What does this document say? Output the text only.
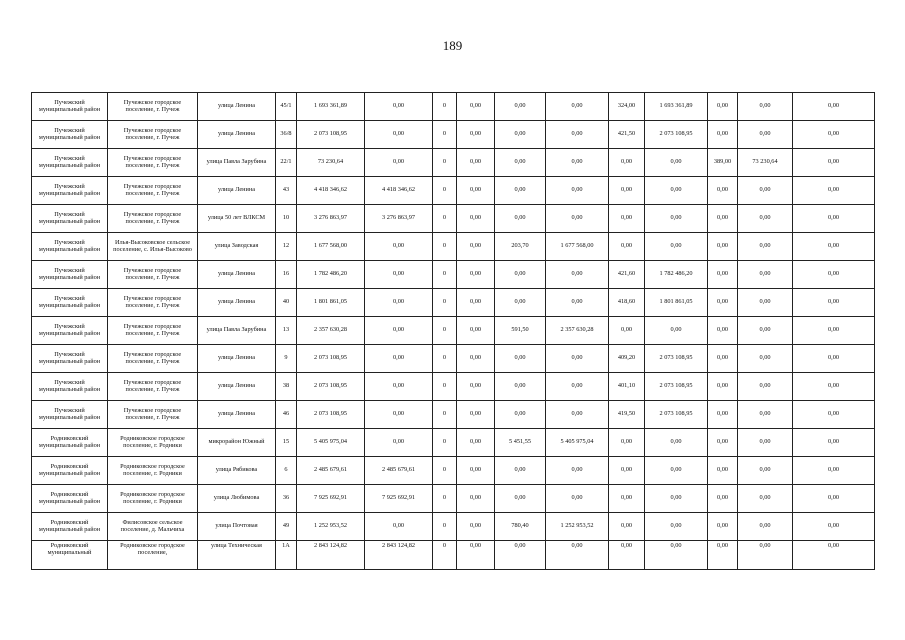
189
Пучежский муниципальный район	Пучежское городское поселение, г. Пучеж	улица Ленина	45/1	1 693 361,89	0,00	0	0,00	0,00	0,00	324,00	1 693 361,89	0,00	0,00	0,00
Пучежский муниципальный район	Пучежское городское поселение, г. Пучеж	улица Ленина	36/8	2 073 108,95	0,00	0	0,00	0,00	0,00	421,50	2 073 108,95	0,00	0,00	0,00
Пучежский муниципальный район	Пучежское городское поселение, г. Пучеж	улица Павла Зарубина	22/1	73 230,64	0,00	0	0,00	0,00	0,00	0,00	0,00	389,00	73 230,64	0,00
Пучежский муниципальный район	Пучежское городское поселение, г. Пучеж	улица Ленина	43	4 418 346,62	4 418 346,62	0	0,00	0,00	0,00	0,00	0,00	0,00	0,00	0,00
Пучежский муниципальный район	Пучежское городское поселение, г. Пучеж	улица 50 лет ВЛКСМ	10	3 276 863,97	3 276 863,97	0	0,00	0,00	0,00	0,00	0,00	0,00	0,00	0,00
Пучежский муниципальный район	Илья-Высоковское сельское поселение, с. Илья-Высоково	улица Заводская	12	1 677 568,00	0,00	0	0,00	203,70	1 677 568,00	0,00	0,00	0,00	0,00	0,00
Пучежский муниципальный район	Пучежское городское поселение, г. Пучеж	улица Ленина	16	1 782 486,20	0,00	0	0,00	0,00	0,00	421,60	1 782 486,20	0,00	0,00	0,00
Пучежский муниципальный район	Пучежское городское поселение, г. Пучеж	улица Ленина	40	1 801 861,05	0,00	0	0,00	0,00	0,00	418,60	1 801 861,05	0,00	0,00	0,00
Пучежский муниципальный район	Пучежское городское поселение, г. Пучеж	улица Павла Зарубина	13	2 357 630,28	0,00	0	0,00	591,50	2 357 630,28	0,00	0,00	0,00	0,00	0,00
Пучежский муниципальный район	Пучежское городское поселение, г. Пучеж	улица Ленина	9	2 073 108,95	0,00	0	0,00	0,00	0,00	409,20	2 073 108,95	0,00	0,00	0,00
Пучежский муниципальный район	Пучежское городское поселение, г. Пучеж	улица Ленина	38	2 073 108,95	0,00	0	0,00	0,00	0,00	401,10	2 073 108,95	0,00	0,00	0,00
Пучежский муниципальный район	Пучежское городское поселение, г. Пучеж	улица Ленина	46	2 073 108,95	0,00	0	0,00	0,00	0,00	419,50	2 073 108,95	0,00	0,00	0,00
Родниковский муниципальный район	Родниковское городское поселение, г. Родники	микрорайон Южный	15	5 405 975,04	0,00	0	0,00	5 451,55	5 405 975,04	0,00	0,00	0,00	0,00	0,00
Родниковский муниципальный район	Родниковское городское поселение, г. Родники	улица Рябикова	6	2 485 679,61	2 485 679,61	0	0,00	0,00	0,00	0,00	0,00	0,00	0,00	0,00
Родниковский муниципальный район	Родниковское городское поселение, г. Родники	улица Любимова	36	7 925 692,91	7 925 692,91	0	0,00	0,00	0,00	0,00	0,00	0,00	0,00	0,00
Родниковский муниципальный район	Филисовское сельское поселение, д. Мальчиха	улица Почтовая	49	1 252 953,52	0,00	0	0,00	780,40	1 252 953,52	0,00	0,00	0,00	0,00	0,00
Родниковский муниципальный	Родниковское городское поселение,	улица Техническая	1А	2 843 124,82	2 843 124,82	0	0,00	0,00	0,00	0,00	0,00	0,00	0,00	0,00
